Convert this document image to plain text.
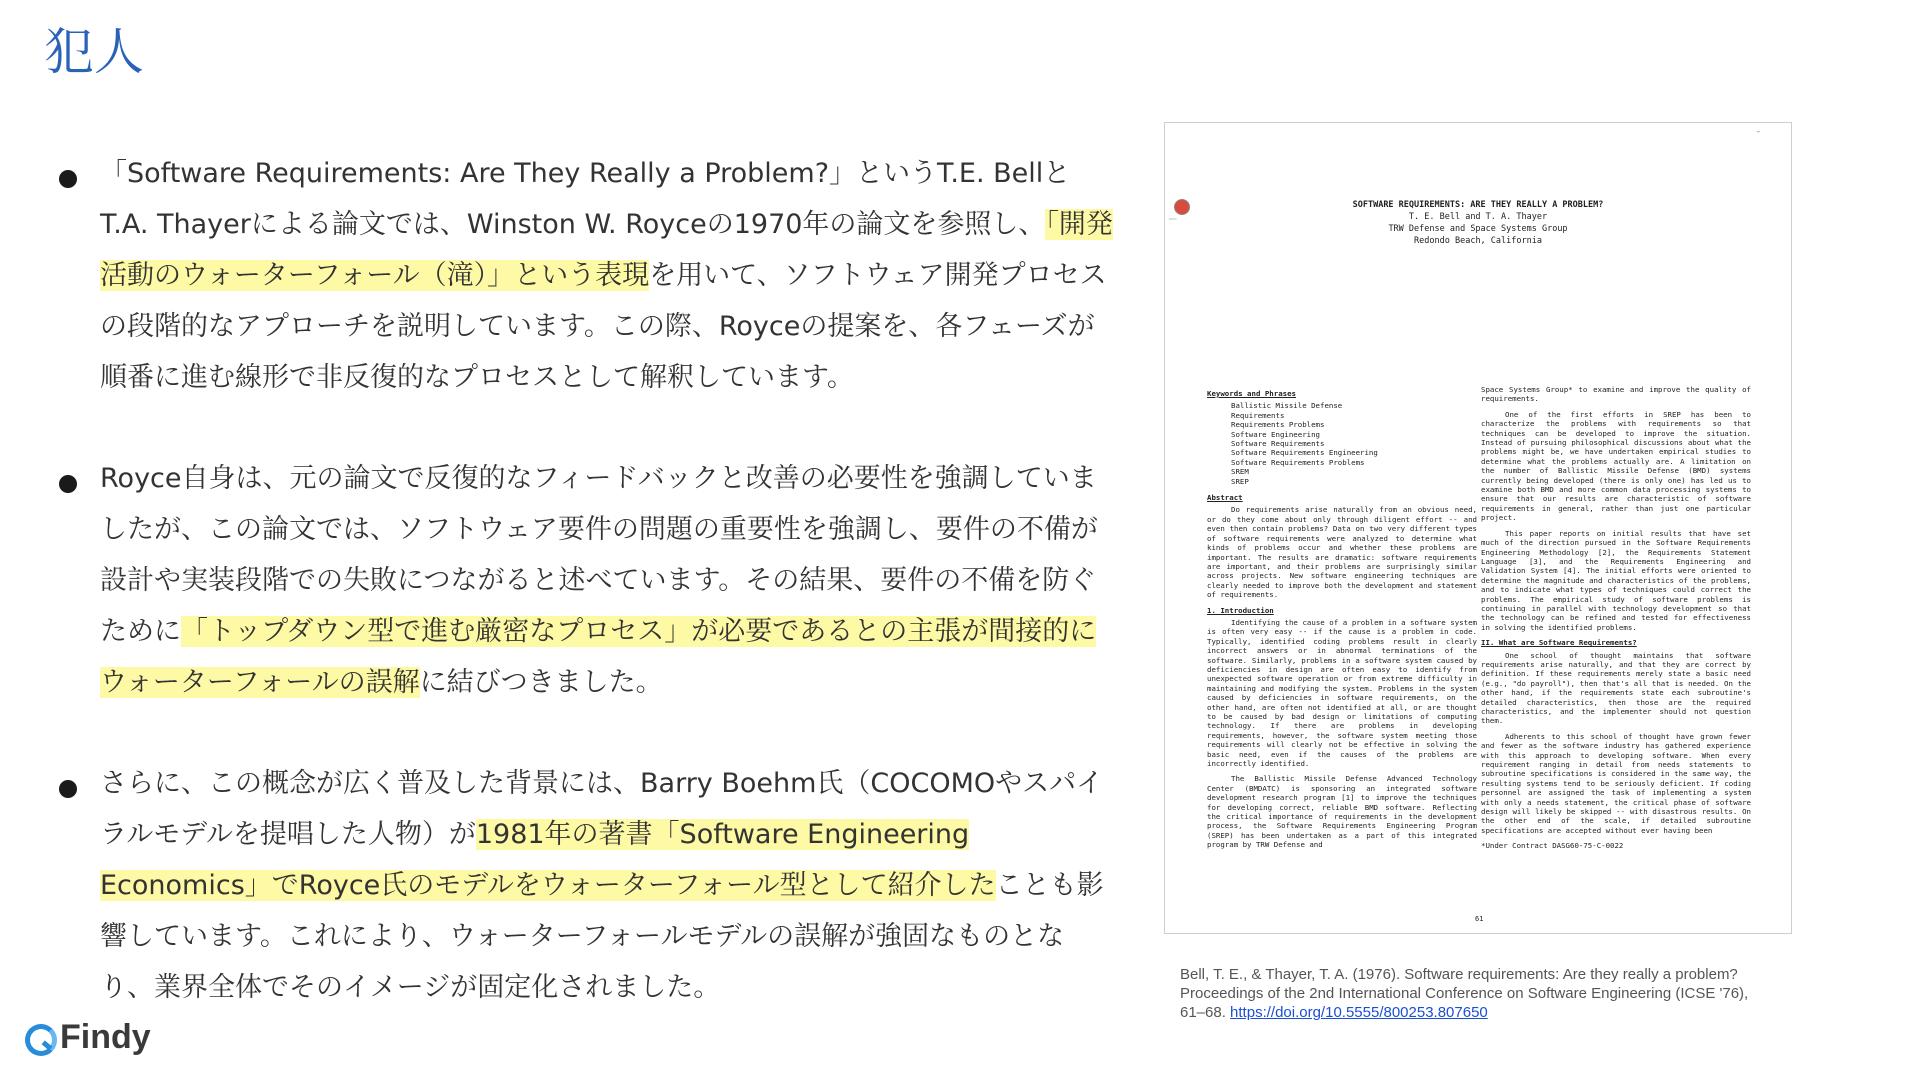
犯人
「Software Requirements: Are They Really a Problem?」というT.E. BellとT.A. Thayerによる論文では、Winston W. Royceの1970年の論文を参照し、「開発活動のウォーターフォール（滝）」という表現を用いて、ソフトウェア開発プロセスの段階的なアプローチを説明しています。この際、Royceの提案を、各フェーズが順番に進む線形で非反復的なプロセスとして解釈しています。
Royce自身は、元の論文で反復的なフィードバックと改善の必要性を強調していましたが、この論文では、ソフトウェア要件の問題の重要性を強調し、要件の不備が設計や実装段階での失敗につながると述べています。その結果、要件の不備を防ぐために「トップダウン型で進む厳密なプロセス」が必要であるとの主張が間接的にウォーターフォールの誤解に結びつきました。
さらに、この概念が広く普及した背景には、Barry Boehm氏（COCOMOやスパイラルモデルを提唱した人物）が1981年の著書「Software Engineering Economics」でRoyce氏のモデルをウォーターフォール型として紹介したことも影響しています。これにより、ウォーターフォールモデルの誤解が強固なものとなり、業界全体でそのイメージが固定化されました。
-
▭▭▭
SOFTWARE REQUIREMENTS: ARE THEY REALLY A PROBLEM?
T. E. Bell and T. A. Thayer
TRW Defense and Space Systems Group
Redondo Beach, California
Keywords and Phrases
Ballistic Missile Defense
Requirements
Requirements Problems
Software Engineering
Software Requirements
Software Requirements Engineering
Software Requirements Problems
SREM
SREP
Abstract

Do requirements arise naturally from an obvious need, or do they come about only through diligent effort -- and even then contain problems? Data on two very different types of software requirements were analyzed to determine what kinds of problems occur and whether these problems are important. The results are dramatic: software requirements are important, and their problems are surprisingly similar across projects. New software engineering techniques are clearly needed to improve both the development and statement of requirements.

1. Introduction

Identifying the cause of a problem in a software system is often very easy -- if the cause is a problem in code. Typically, identified coding problems result in clearly incorrect answers or in abnormal terminations of the software. Similarly, problems in a software system caused by deficiencies in design are often easy to identify from unexpected software operation or from extreme difficulty in maintaining and modifying the system. Problems in the system caused by deficiencies in software requirements, on the other hand, are often not identified at all, or are thought to be caused by bad design or limitations of computing technology. If there are problems in developing requirements, however, the software system meeting those requirements will clearly not be effective in solving the basic need, even if the causes of the problems are incorrectly identified.

The Ballistic Missile Defense Advanced Technology Center (BMDATC) is sponsoring an integrated software development research program [1] to improve the techniques for developing correct, reliable BMD software. Reflecting the critical importance of requirements in the development process, the Software Requirements Engineering Program (SREP) has been undertaken as a part of this integrated program by TRW Defense and

Space Systems Group* to examine and improve the quality of requirements.

One of the first efforts in SREP has been to characterize the problems with requirements so that techniques can be developed to improve the situation. Instead of pursuing philosophical discussions about what the problems might be, we have undertaken empirical studies to determine what the problems actually are. A limitation on the number of Ballistic Missile Defense (BMD) systems currently being developed (there is only one) has led us to examine both BMD and more common data processing systems to ensure that our results are characteristic of software requirements in general, rather than just one particular project.

This paper reports on initial results that have set much of the direction pursued in the Software Requirements Engineering Methodology [2], the Requirements Statement Language [3], and the Requirements Engineering and Validation System [4]. The initial efforts were oriented to determine the magnitude and characteristics of the problems, and to indicate what types of techniques could correct the problems. The empirical study of software problems is continuing in parallel with technology development so that the technology can be refined and tested for effectiveness in solving the identified problems.

II. What are Software Requirements?

One school of thought maintains that software requirements arise naturally, and that they are correct by definition. If these requirements merely state a basic need (e.g., "do payroll"), then that's all that is needed. On the other hand, if the requirements state each subroutine's detailed characteristics, then those are the required characteristics, and the implementer should not question them.

Adherents to this school of thought have grown fewer and fewer as the software industry has gathered experience with this approach to developing software. When every requirement ranging in detail from needs statements to subroutine specifications is considered in the same way, the resulting systems tend to be seriously deficient. If coding personnel are assigned the task of implementing a system with only a needs statement, the critical phase of software design will likely be skipped -- with disastrous results. On the other end of the scale, if detailed subroutine specifications are accepted without ever having been

*Under Contract DASG60-75-C-0022

61
Bell, T. E., & Thayer, T. A. (1976). Software requirements: Are they really a problem? Proceedings of the 2nd International Conference on Software Engineering (ICSE '76), 61–68. https://doi.org/10.5555/800253.807650
Findy
